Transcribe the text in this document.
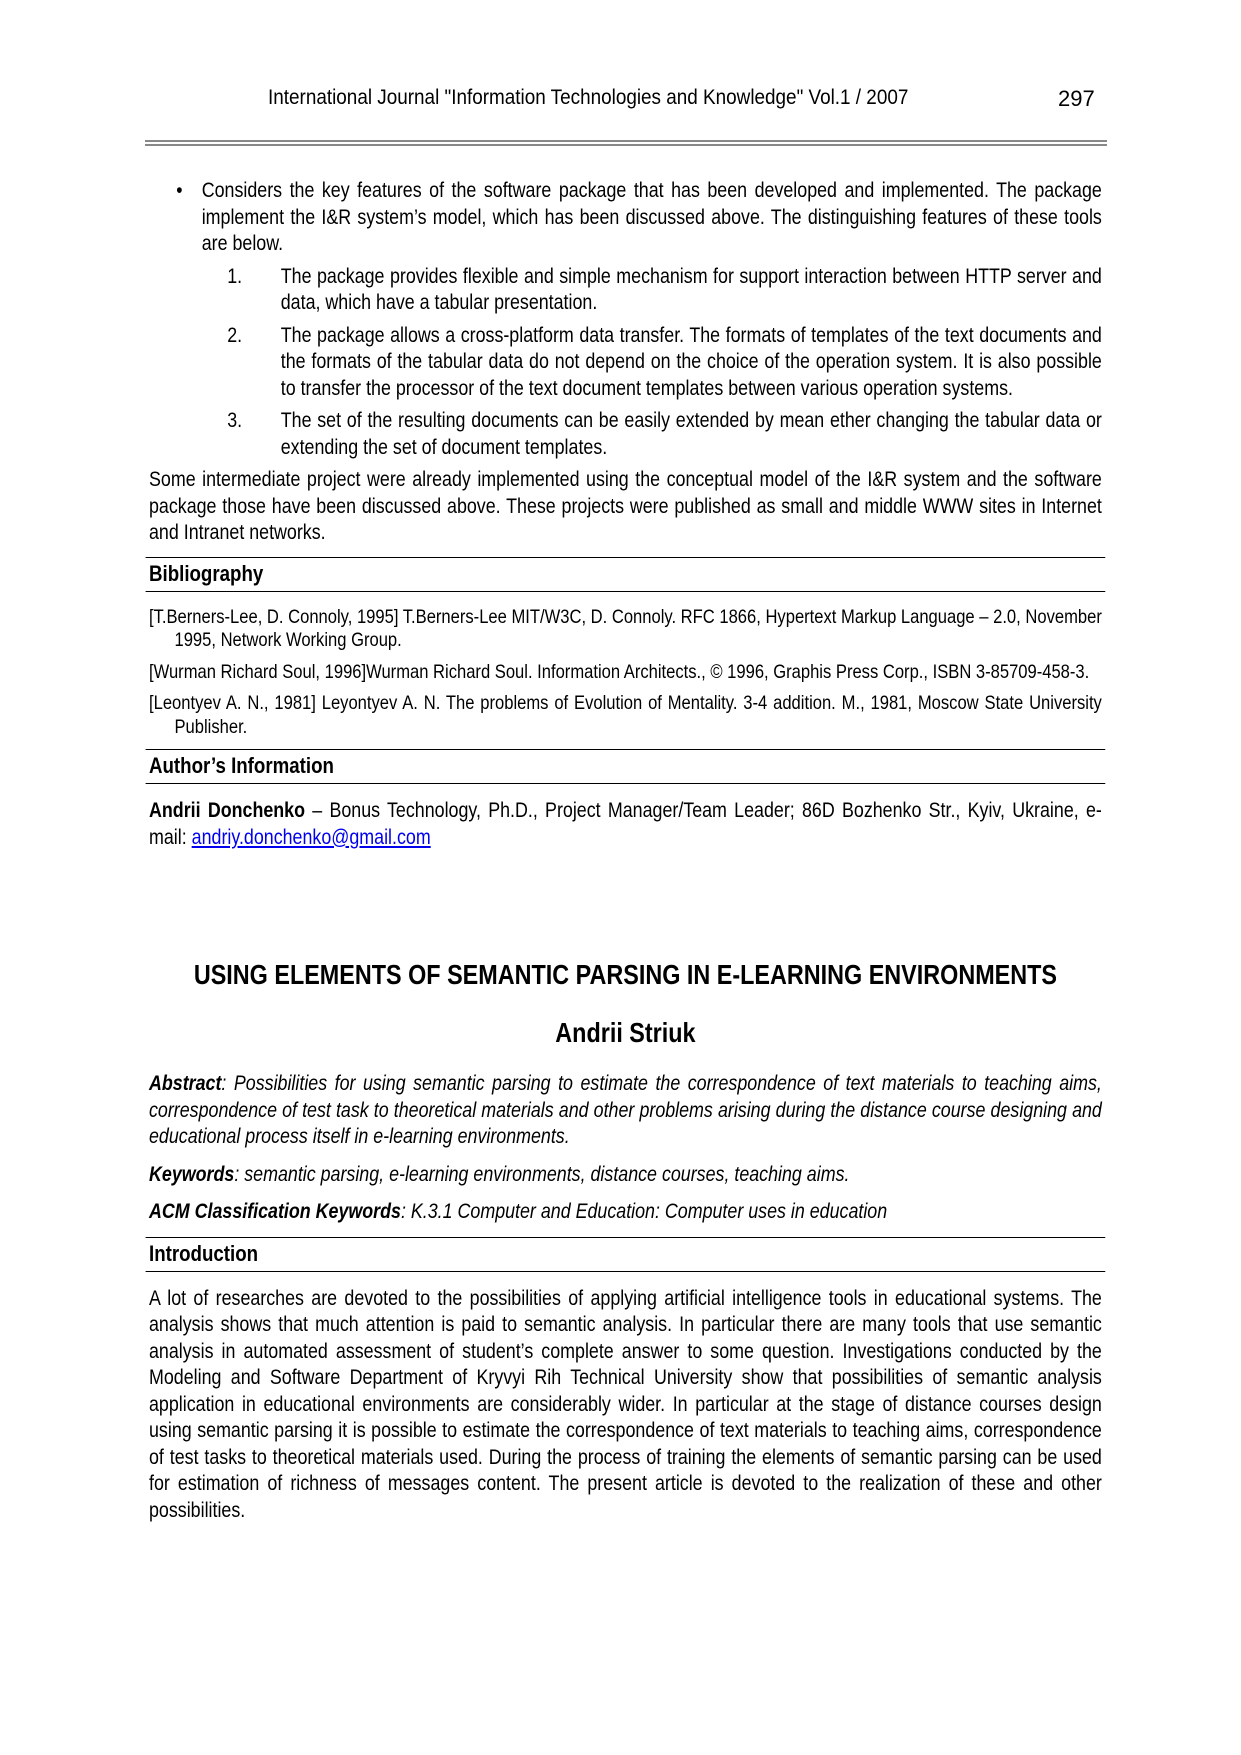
International Journal "Information Technologies and Knowledge" Vol.1 / 2007	297

• Considers the key features of the software package that has been developed and implemented. The package implement the I&R system’s model, which has been discussed above. The distinguishing features of these tools are below.

1. The package provides flexible and simple mechanism for support interaction between HTTP server and data, which have a tabular presentation.

2. The package allows a cross-platform data transfer. The formats of templates of the text documents and the formats of the tabular data do not depend on the choice of the operation system. It is also possible to transfer the processor of the text document templates between various operation systems.

3. The set of the resulting documents can be easily extended by mean ether changing the tabular data or extending the set of document templates.

Some intermediate project were already implemented using the conceptual model of the I&R system and the software package those have been discussed above. These projects were published as small and middle WWW sites in Internet and Intranet networks.

Bibliography

[T.Berners-Lee, D. Connoly, 1995] T.Berners-Lee MIT/W3C, D. Connoly. RFC 1866, Hypertext Markup Language – 2.0, November 1995, Network Working Group.

[Wurman Richard Soul, 1996]Wurman Richard Soul. Information Architects., © 1996, Graphis Press Corp., ISBN 3-85709-458-3.

[Leontyev A. N., 1981] Leyontyev A. N. The problems of Evolution of Mentality. 3-4 addition. M., 1981, Moscow State University Publisher.

Author’s Information

Andrii Donchenko – Bonus Technology, Ph.D., Project Manager/Team Leader; 86D Bozhenko Str., Kyiv, Ukraine, e-mail: andriy.donchenko@gmail.com

USING ELEMENTS OF SEMANTIC PARSING IN E-LEARNING ENVIRONMENTS
Andrii Striuk

Abstract: Possibilities for using semantic parsing to estimate the correspondence of text materials to teaching aims, correspondence of test task to theoretical materials and other problems arising during the distance course designing and educational process itself in e-learning environments.

Keywords: semantic parsing, e-learning environments, distance courses, teaching aims.

ACM Classification Keywords: K.3.1 Computer and Education: Computer uses in education

Introduction

A lot of researches are devoted to the possibilities of applying artificial intelligence tools in educational systems. The analysis shows that much attention is paid to semantic analysis. In particular there are many tools that use semantic analysis in automated assessment of student’s complete answer to some question. Investigations conducted by the Modeling and Software Department of Kryvyi Rih Technical University show that possibilities of semantic analysis application in educational environments are considerably wider. In particular at the stage of distance courses design using semantic parsing it is possible to estimate the correspondence of text materials to teaching aims, correspondence of test tasks to theoretical materials used. During the process of training the elements of semantic parsing can be used for estimation of richness of messages content. The present article is devoted to the realization of these and other possibilities.
